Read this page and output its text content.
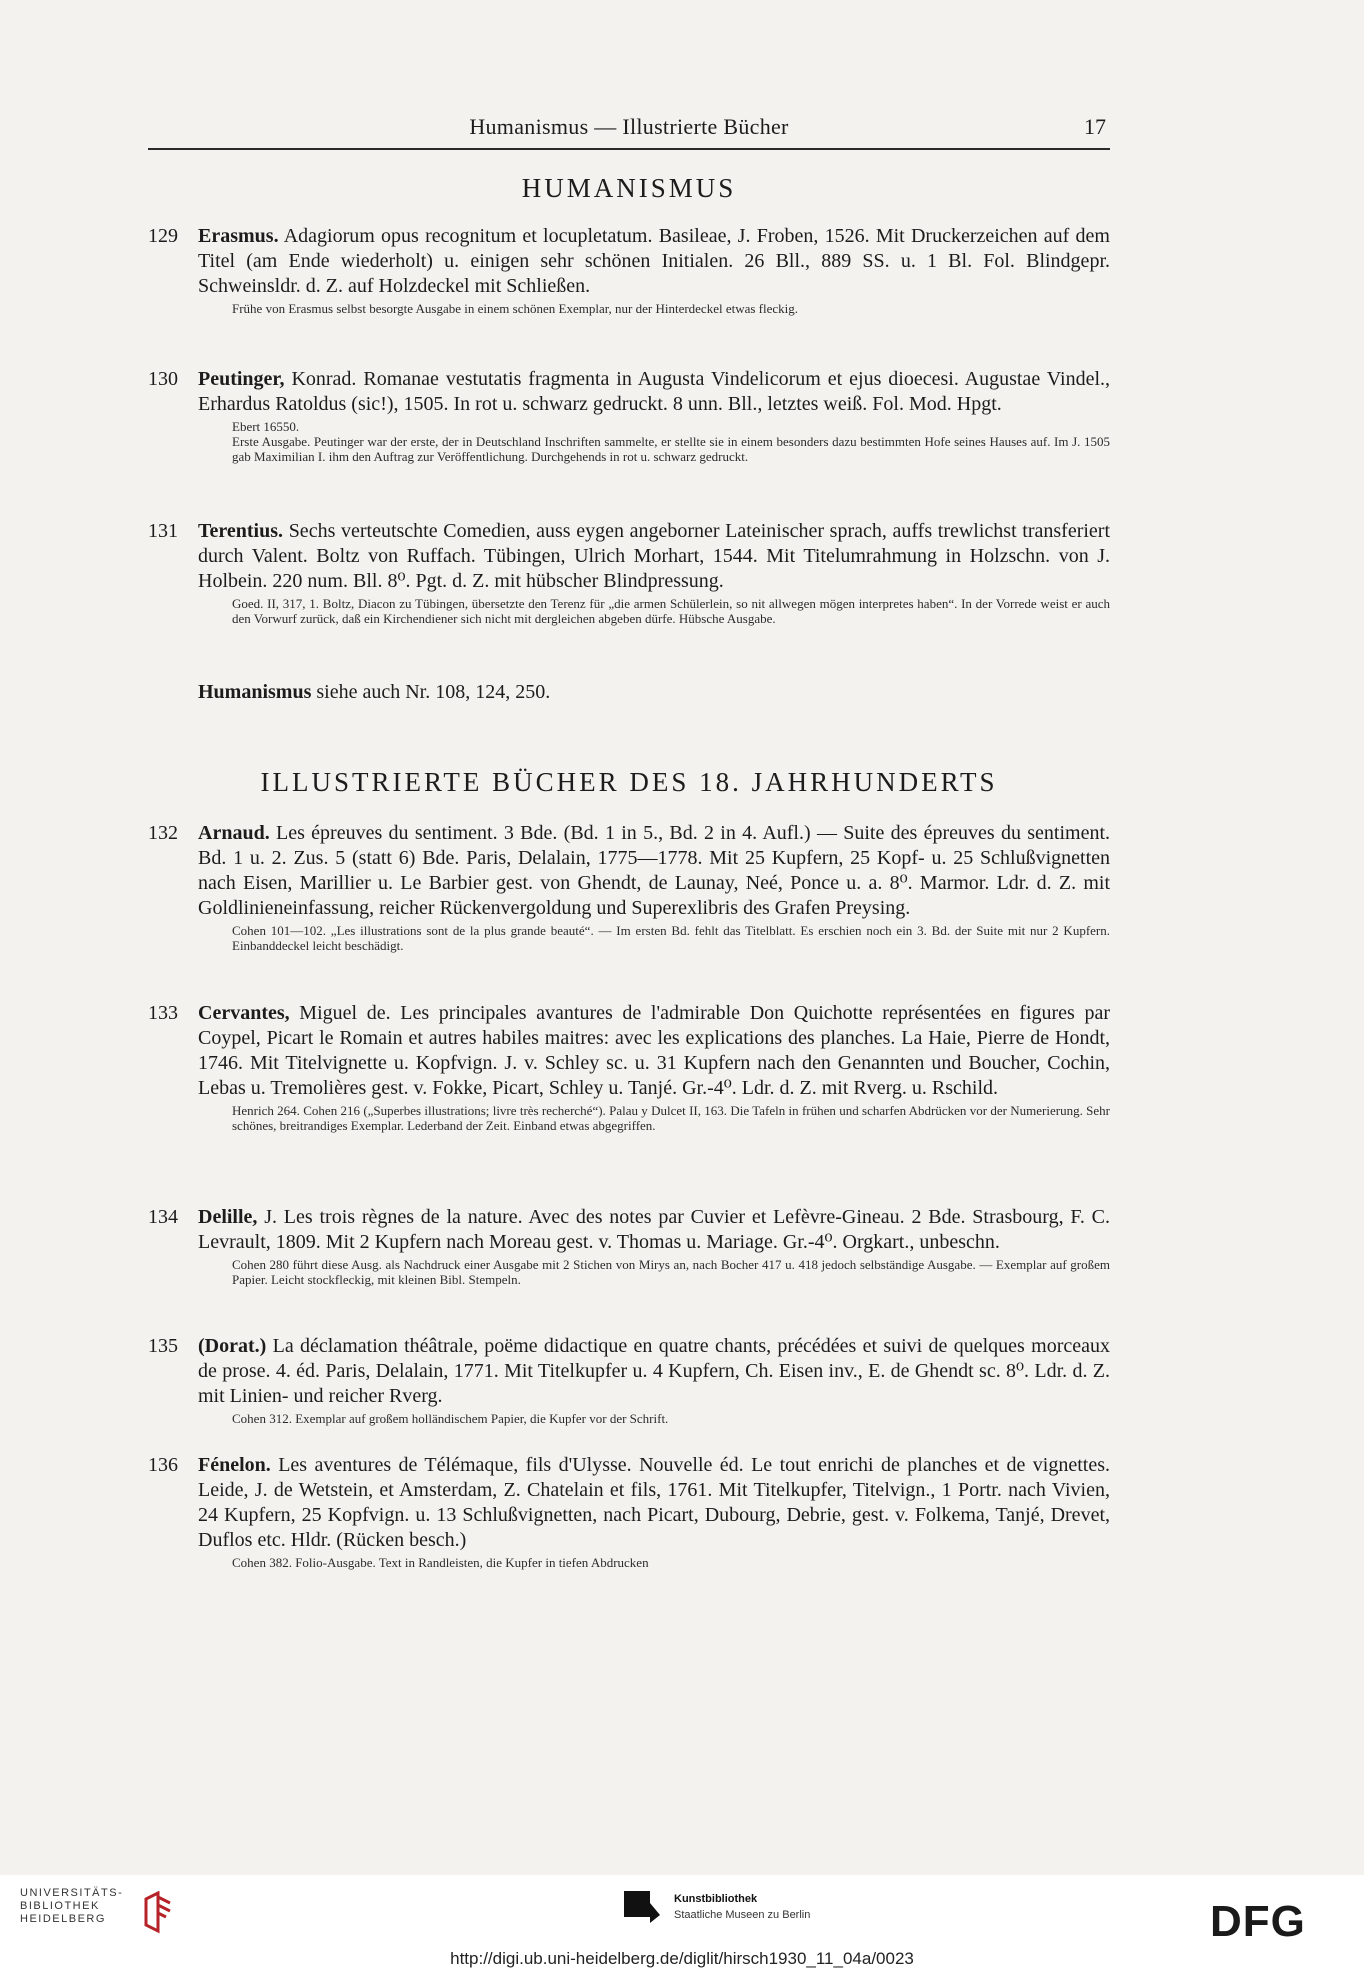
Humanismus — Illustrierte Bücher	17
HUMANISMUS
129 Erasmus. Adagiorum opus recognitum et locupletatum. Basileae, J. Froben, 1526. Mit Druckerzeichen auf dem Titel (am Ende wiederholt) u. einigen sehr schönen Initialen. 26 Bll., 889 SS. u. 1 Bl. Fol. Blindgepr. Schweinsldr. d. Z. auf Holzdeckel mit Schließen.
Frühe von Erasmus selbst besorgte Ausgabe in einem schönen Exemplar, nur der Hinterdeckel etwas fleckig.
130 Peutinger, Konrad. Romanae vestutatis fragmenta in Augusta Vindelicorum et ejus dioecesi. Augustae Vindel., Erhardus Ratoldus (sic!), 1505. In rot u. schwarz gedruckt. 8 unn. Bll., letztes weiß. Fol. Mod. Hpgt.
Ebert 16550.
Erste Ausgabe. Peutinger war der erste, der in Deutschland Inschriften sammelte, er stellte sie in einem besonders dazu bestimmten Hofe seines Hauses auf. Im J. 1505 gab Maximilian I. ihm den Auftrag zur Veröffentlichung. Durchgehends in rot u. schwarz gedruckt.
131 Terentius. Sechs verteutschte Comedien, auss eygen angeborner Lateinischer sprach, auffs trewlichst transferiert durch Valent. Boltz von Ruffach. Tübingen, Ulrich Morhart, 1544. Mit Titelumrahmung in Holzschn. von J. Holbein. 220 num. Bll. 8⁰. Pgt. d. Z. mit hübscher Blindpressung.
Goed. II, 317, 1. Boltz, Diacon zu Tübingen, übersetzte den Terenz für „die armen Schülerlein, so nit allwegen mögen interpretes haben“. In der Vorrede weist er auch den Vorwurf zurück, daß ein Kirchendiener sich nicht mit dergleichen abgeben dürfe. Hübsche Ausgabe.
Humanismus siehe auch Nr. 108, 124, 250.
ILLUSTRIERTE BÜCHER DES 18. JAHRHUNDERTS
132 Arnaud. Les épreuves du sentiment. 3 Bde. (Bd. 1 in 5., Bd. 2 in 4. Aufl.) — Suite des épreuves du sentiment. Bd. 1 u. 2. Zus. 5 (statt 6) Bde. Paris, Delalain, 1775—1778. Mit 25 Kupfern, 25 Kopf- u. 25 Schlußvignetten nach Eisen, Marillier u. Le Barbier gest. von Ghendt, de Launay, Neé, Ponce u. a. 8⁰. Marmor. Ldr. d. Z. mit Goldlinieneinfassung, reicher Rückenvergoldung und Superexlibris des Grafen Preysing.
Cohen 101—102. „Les illustrations sont de la plus grande beauté“. — Im ersten Bd. fehlt das Titelblatt. Es erschien noch ein 3. Bd. der Suite mit nur 2 Kupfern. Einbanddeckel leicht beschädigt.
133 Cervantes, Miguel de. Les principales avantures de l'admirable Don Quichotte représentées en figures par Coypel, Picart le Romain et autres habiles maitres: avec les explications des planches. La Haie, Pierre de Hondt, 1746. Mit Titelvignette u. Kopfvign. J. v. Schley sc. u. 31 Kupfern nach den Genannten und Boucher, Cochin, Lebas u. Tremolières gest. v. Fokke, Picart, Schley u. Tanjé. Gr.-4⁰. Ldr. d. Z. mit Rverg. u. Rschild.
Henrich 264. Cohen 216 („Superbes illustrations; livre très recherché“). Palau y Dulcet II, 163. Die Tafeln in frühen und scharfen Abdrücken vor der Numerierung. Sehr schönes, breitrandiges Exemplar. Lederband der Zeit. Einband etwas abgegriffen.
134 Delille, J. Les trois règnes de la nature. Avec des notes par Cuvier et Lefèvre-Gineau. 2 Bde. Strasbourg, F. C. Levrault, 1809. Mit 2 Kupfern nach Moreau gest. v. Thomas u. Mariage. Gr.-4⁰. Orgkart., unbeschn.
Cohen 280 führt diese Ausg. als Nachdruck einer Ausgabe mit 2 Stichen von Mirys an, nach Bocher 417 u. 418 jedoch selbständige Ausgabe. — Exemplar auf großem Papier. Leicht stockfleckig, mit kleinen Bibl. Stempeln.
135 (Dorat.) La déclamation théâtrale, poëme didactique en quatre chants, précédées et suivi de quelques morceaux de prose. 4. éd. Paris, Delalain, 1771. Mit Titelkupfer u. 4 Kupfern, Ch. Eisen inv., E. de Ghendt sc. 8⁰. Ldr. d. Z. mit Linien- und reicher Rverg.
Cohen 312. Exemplar auf großem holländischem Papier, die Kupfer vor der Schrift.
136 Fénelon. Les aventures de Télémaque, fils d'Ulysse. Nouvelle éd. Le tout enrichi de planches et de vignettes. Leide, J. de Wetstein, et Amsterdam, Z. Chatelain et fils, 1761. Mit Titelkupfer, Titelvign., 1 Portr. nach Vivien, 24 Kupfern, 25 Kopfvign. u. 13 Schlußvignetten, nach Picart, Dubourg, Debrie, gest. v. Folkema, Tanjé, Drevet, Duflos etc. Hldr. (Rücken besch.)
Cohen 382. Folio-Ausgabe. Text in Randleisten, die Kupfer in tiefen Abdrucken
UNIVERSITÄTS-
BIBLIOTHEK
HEIDELBERG
Kunstbibliothek
Staatliche Museen zu Berlin	DFG
http://digi.ub.uni-heidelberg.de/diglit/hirsch1930_11_04a/0023
